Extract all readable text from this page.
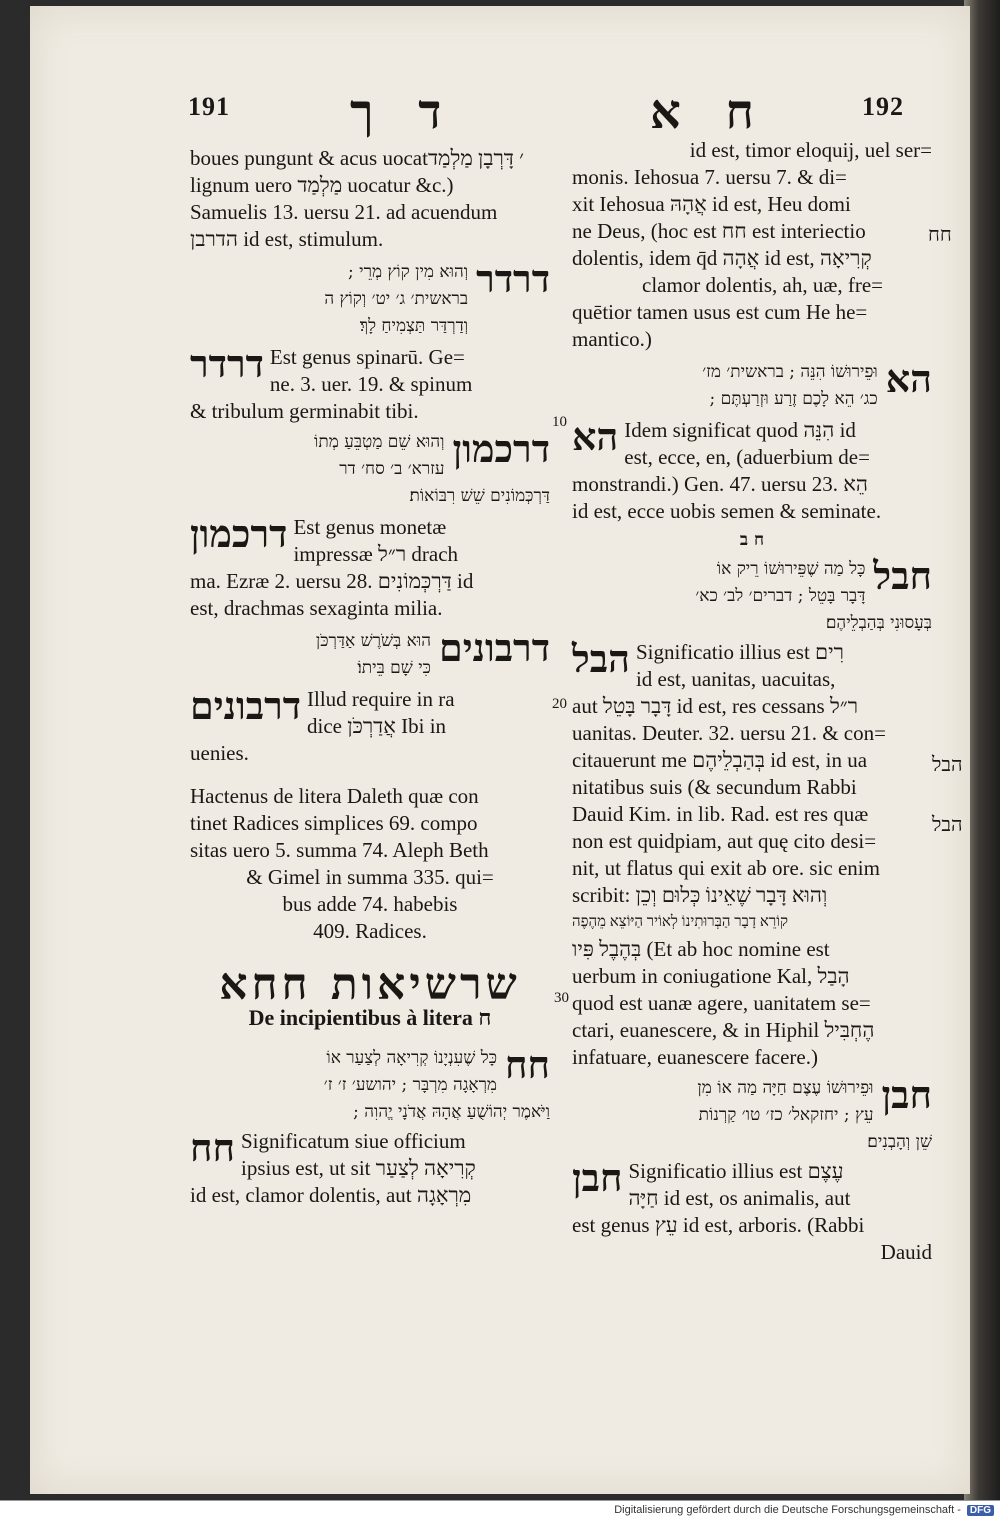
191	ד ך	ח א	192
boues pungunt & acus uocat׳ דָּרְבָן מַלְמַד
lignum uero מַלְמַד uocatur &c.)
Samuelis 13. uersu 21. ad acuendum
הדרבן id est, stimulum.
וְהוּא מִין קוֹץ מְרֵי ;
בראשית׳ ג׳ יט׳ וְקוֹץ ה
וְדַרְדַּר תַּצְמִיחַ לָךְ׃
דרדר
דרדר Est genus spinarū. Ge=
ne. 3. uer. 19. & spinum
& tribulum germinabit tibi.
וְהוּא שֵׁם מַטְבֵּעַ מְתוֹ
עזרא׳ ב׳ סח׳ דר דרכמון
דַּרְכְּמוֹנִים שֵׁשׁ רִבּוֹאוֹת׃
דרכמון Est genus monetæ
impressæ ר״ל drach
ma. Ezræ 2. uersu 28. דַּרְכְּמוֹנִים id
est, drachmas sexaginta milia.
הוּא בְּשֹׁרֶשׁ אַדַּרְכֹּן
כִּי שָׁם בֵּיתוֹ׃ דרבונים
דרבונים Illud require in ra
dice אֲדַרְכֹּן Ibi in
uenies.
Hactenus de litera Daleth quæ con
tinet Radices simplices 69. compo
sitas uero 5. summa 74. Aleph Beth
& Gimel in summa 335. qui=
bus adde 74. habebis
409. Radices.
שרשיאות חחא
De incipientibus à litera ח
כָּל שֶׁעִנְיָנוֹ קְרִיאָה לְצַעַר אוֹ
מִרְאָגָה מִרְבָּר ; יהושע׳ ז׳ ז׳ חח
וַיֹּאמֶר יְהוֹשֻׁעַ אֲהָהּ אֲדֹנָי יֱהוִה ;
חח Significatum siue officium
ipsius est, ut sit קְרִיאָה לְצַעַר
id est, clamor dolentis, aut מִרְאָגָה
10
20
id est, timor eloquij, uel ser=
monis. Iehosua 7. uersu 7. & di=
xit Iehosua אֲהָהּ id est, Heu domi
ne Deus, (hoc est חח est interiectio
dolentis, idem q̄d אֲהָה id est, קְרִיאָה
clamor dolentis, ah, uæ, fre=
quētior tamen usus est cum He he=
mantico.)
וּפֵירוּשׁוֹ הִנֵּה ; בראשית׳ מז׳
כג׳ הֵא לָכֶם זֶרַע וּזְרַעְתֶּם ; הא
הא Idem significat quod הִנֵּה id
est, ecce, en, (aduerbium de=
monstrandi.) Gen. 47. uersu 23. הֵא
id est, ecce uobis semen & seminate.
ח ב
כָּל מַה שֶׁפֵּירוּשׁוֹ רֵיק אוֹ
דָּבָר בָּטֵל ; דברים׳ לב׳ כא׳ חבל
בְּעָסוּנִי בְּהַבְלֵיהֶם׃
הבל Significatio illius est רִים
id est, uanitas, uacuitas,
aut דָּבָר בָּטֵל id est, res cessans ר״ל
uanitas. Deuter. 32. uersu 21. & con=
citauerunt me בְּהַבְלֵיהֶם id est, in ua
nitatibus suis (& secundum Rabbi
Dauid Kim. in lib. Rad. est res quæ
non est quidpiam, aut quę cito desi=
nit, ut flatus qui exit ab ore. sic enim
scribit: וְהוּא דָּבָר שֶׁאֵינוֹ כְּלוּם וְכֵן
קוֹרֵא דָבָר הַבְּרוּתִינוֹ לְאוֹיר הַיּוֹצֵא מֵהֶפֶה
בְּהֶבֶל פִּיו (Et ab hoc nomine est
uerbum in coniugatione Kal, הָבַל
quod est uanæ agere, uanitatem se=
ctari, euanescere, & in Hiphil הֶחְבִּיל
infatuare, euanescere facere.)
וּפֵירוּשׁוֹ עֶצֶם חַיָּה מַה אוֹ מִן
עֵץ ; יחזקאל׳ כז׳ טו׳ קַרְנוֹת חבן
שֵׁן וְהָבְנִים׃
חבן Significatio illius est עֶצֶם
חַיָּה id est, os animalis, aut
est genus עֵץ id est, arboris. (Rabbi
Dauid
חח
הבל
הבל
30
Digitalisierung gefördert durch die Deutsche Forschungsgemeinschaft - DFG
